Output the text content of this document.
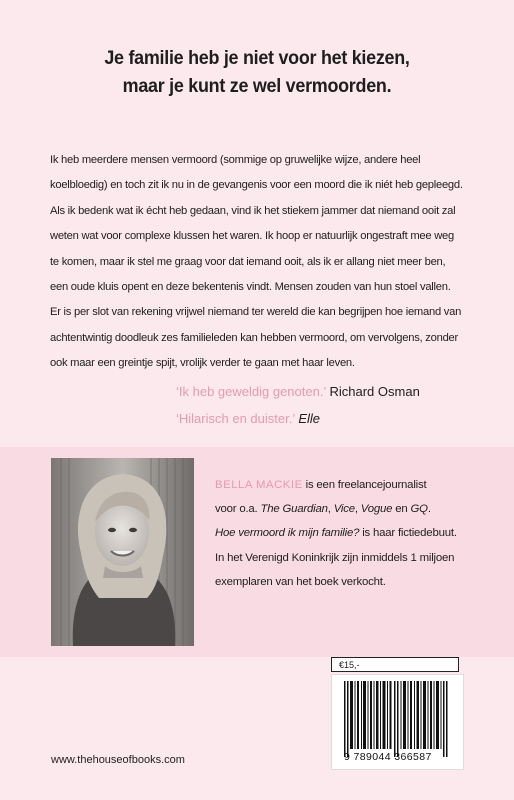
Je familie heb je niet voor het kiezen,
maar je kunt ze wel vermoorden.
Ik heb meerdere mensen vermoord (sommige op gruwelijke wijze, andere heel
koelbloedig) en toch zit ik nu in de gevangenis voor een moord die ik niét heb gepleegd.
Als ik bedenk wat ik écht heb gedaan, vind ik het stiekem jammer dat niemand ooit zal
weten wat voor complexe klussen het waren. Ik hoop er natuurlijk ongestraft mee weg
te komen, maar ik stel me graag voor dat iemand ooit, als ik er allang niet meer ben,
een oude kluis opent en deze bekentenis vindt. Mensen zouden van hun stoel vallen.
Er is per slot van rekening vrijwel niemand ter wereld die kan begrijpen hoe iemand van
achtentwintig doodleuk zes familieleden kan hebben vermoord, om vervolgens, zonder
ook maar een greintje spijt, vrolijk verder te gaan met haar leven.
‘Ik heb geweldig genoten.’ Richard Osman
‘Hilarisch en duister.’ Elle
BELLA MACKIE is een freelancejournalist
voor o.a. The Guardian, Vice, Vogue en GQ.
Hoe vermoord ik mijn familie? is haar fictiedebuut.
In het Verenigd Koninkrijk zijn inmiddels 1 miljoen
exemplaren van het boek verkocht.
€15,-
9 789044 366587
www.thehouseofbooks.com
